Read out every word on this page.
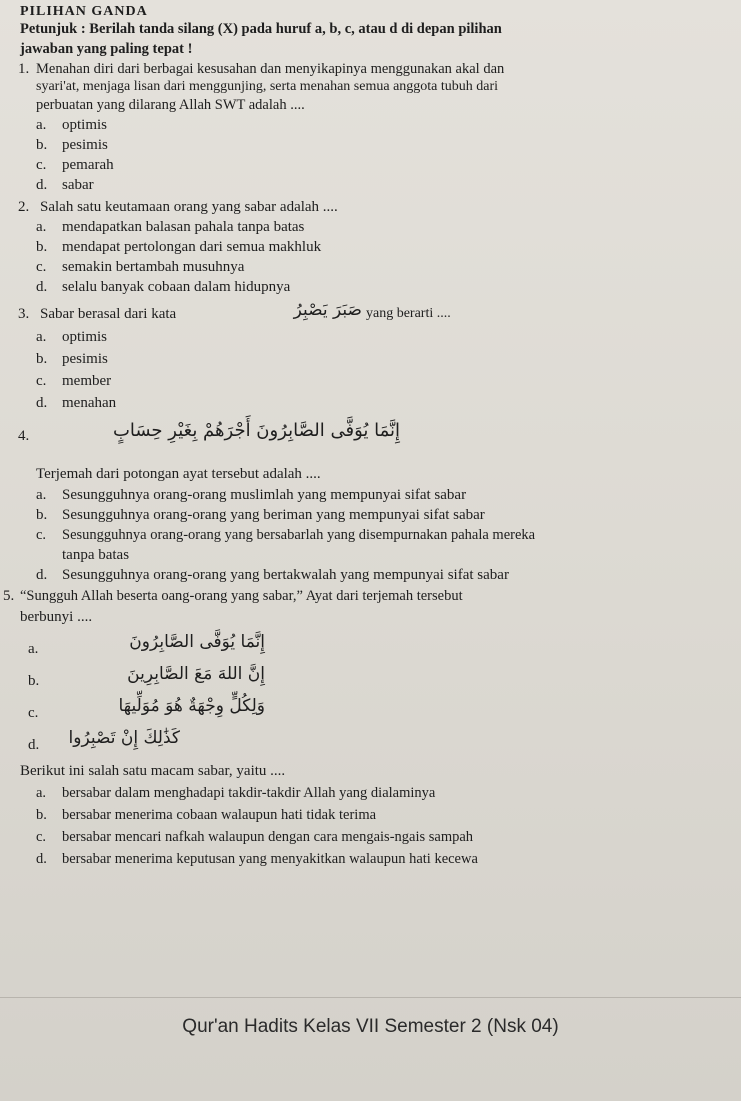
PILIHAN GANDA
Petunjuk : Berilah tanda silang (X) pada huruf a, b, c, atau d di depan pilihan
jawaban yang paling tepat !
1. Menahan diri dari berbagai kesusahan dan menyikapinya menggunakan akal dan
syari'at, menjaga lisan dari menggunjing, serta menahan semua anggota tubuh dari
perbuatan yang dilarang Allah SWT adalah ....
a. optimis
b. pesimis
c. pemarah
d. sabar
2. Salah satu keutamaan orang yang sabar adalah ....
a. mendapatkan balasan pahala tanpa batas
b. mendapat pertolongan dari semua makhluk
c. semakin bertambah musuhnya
d. selalu banyak cobaan dalam hidupnya
3. Sabar berasal dari kata	صَبَرَ يَصْبِرُ yang berarti ....
a. optimis
b. pesimis
c. member
d. menahan
4.	إِنَّمَا يُوَفَّى الصَّابِرُونَ أَجْرَهُمْ بِغَيْرِ حِسَابٍ
Terjemah dari potongan ayat tersebut adalah ....
a. Sesungguhnya orang-orang muslimlah yang mempunyai sifat sabar
b. Sesungguhnya orang-orang yang beriman yang mempunyai sifat sabar
c. Sesungguhnya orang-orang yang bersabarlah yang disempurnakan pahala mereka
tanpa batas
d. Sesungguhnya orang-orang yang bertakwalah yang mempunyai sifat sabar
5. “Sungguh Allah beserta oang-orang yang sabar,” Ayat dari terjemah tersebut
berbunyi ....
a.	إِنَّمَا يُوَفَّى الصَّابِرُونَ
b.	إِنَّ اللهَ مَعَ الصَّابِرِينَ
c.	وَلِكُلٍّ وِجْهَةٌ هُوَ مُوَلِّيهَا
d.	كَذَٰلِكَ إِنْ تَصْبِرُوا
Berikut ini salah satu macam sabar, yaitu ....
a. bersabar dalam menghadapi takdir-takdir Allah yang dialaminya
b. bersabar menerima cobaan walaupun hati tidak terima
c. bersabar mencari nafkah walaupun dengan cara mengais-ngais sampah
d. bersabar menerima keputusan yang menyakitkan walaupun hati kecewa
Qur'an Hadits Kelas VII Semester 2 (Nsk 04)
